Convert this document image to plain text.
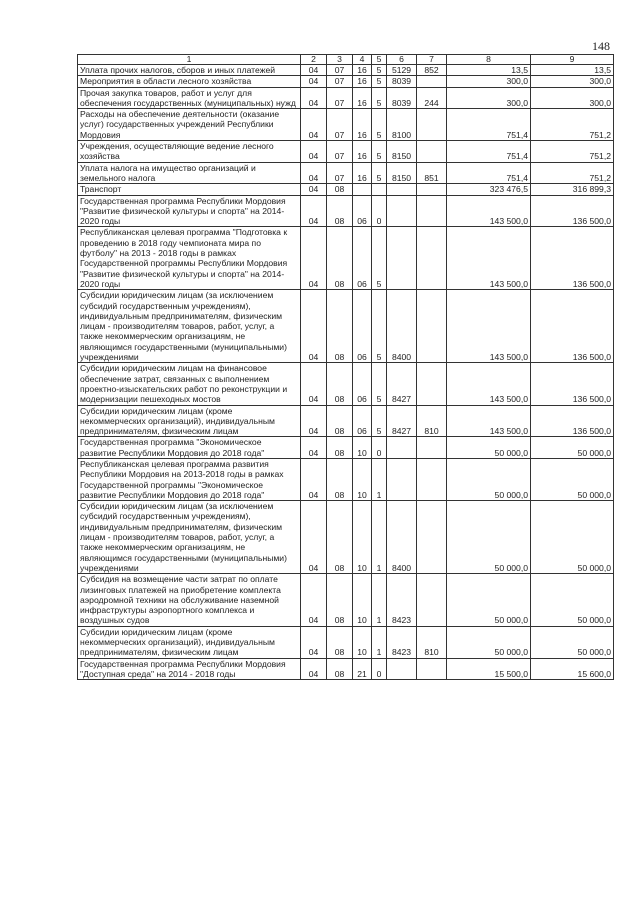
148
1	2	3	4	5	6	7	8	9
Уплата прочих налогов, сборов и иных платежей	04	07	16	5	5129	852	13,5	13,5
Мероприятия в области лесного хозяйства	04	07	16	5	8039		300,0	300,0
Прочая закупка товаров, работ и услуг для обеспечения государственных (муниципальных) нужд	04	07	16	5	8039	244	300,0	300,0
Расходы на обеспечение деятельности (оказание услуг) государственных учреждений Республики Мордовия	04	07	16	5	8100		751,4	751,2
Учреждения, осуществляющие ведение лесного хозяйства	04	07	16	5	8150		751,4	751,2
Уплата налога на имущество организаций и земельного налога	04	07	16	5	8150	851	751,4	751,2
Транспорт	04	08					323 476,5	316 899,3
Государственная программа Республики Мордовия "Развитие физической культуры и спорта" на 2014-2020 годы	04	08	06	0			143 500,0	136 500,0
Республиканская целевая программа "Подготовка к проведению в 2018 году чемпионата мира по футболу" на 2013 - 2018 годы в рамках Государственной программы Республики Мордовия "Развитие физической культуры и спорта" на 2014-2020 годы	04	08	06	5			143 500,0	136 500,0
Субсидии юридическим лицам (за исключением субсидий государственным учреждениям), индивидуальным предпринимателям, физическим лицам - производителям товаров, работ, услуг, а также некоммерческим организациям, не являющимся государственными (муниципальными) учреждениями	04	08	06	5	8400		143 500,0	136 500,0
Субсидии юридическим лицам на финансовое обеспечение затрат, связанных с выполнением проектно-изыскательских работ по реконструкции и модернизации пешеходных мостов	04	08	06	5	8427		143 500,0	136 500,0
Субсидии юридическим лицам (кроме некоммерческих организаций), индивидуальным предпринимателям, физическим лицам	04	08	06	5	8427	810	143 500,0	136 500,0
Государственная программа "Экономическое развитие Республики Мордовия до 2018 года"	04	08	10	0			50 000,0	50 000,0
Республиканская целевая программа развития Республики Мордовия на 2013-2018 годы в рамках Государственной программы "Экономическое развитие Республики Мордовия до 2018 года"	04	08	10	1			50 000,0	50 000,0
Субсидии юридическим лицам (за исключением субсидий государственным учреждениям), индивидуальным предпринимателям, физическим лицам - производителям товаров, работ, услуг, а также некоммерческим организациям, не являющимся государственными (муниципальными) учреждениями	04	08	10	1	8400		50 000,0	50 000,0
Субсидия на возмещение части затрат по оплате лизинговых платежей на приобретение комплекта аэродромной техники на обслуживание наземной инфраструктуры аэропортного комплекса и воздушных судов	04	08	10	1	8423		50 000,0	50 000,0
Субсидии юридическим лицам (кроме некоммерческих организаций), индивидуальным предпринимателям, физическим лицам	04	08	10	1	8423	810	50 000,0	50 000,0
Государственная программа Республики Мордовия "Доступная среда" на 2014 - 2018 годы	04	08	21	0			15 500,0	15 600,0
